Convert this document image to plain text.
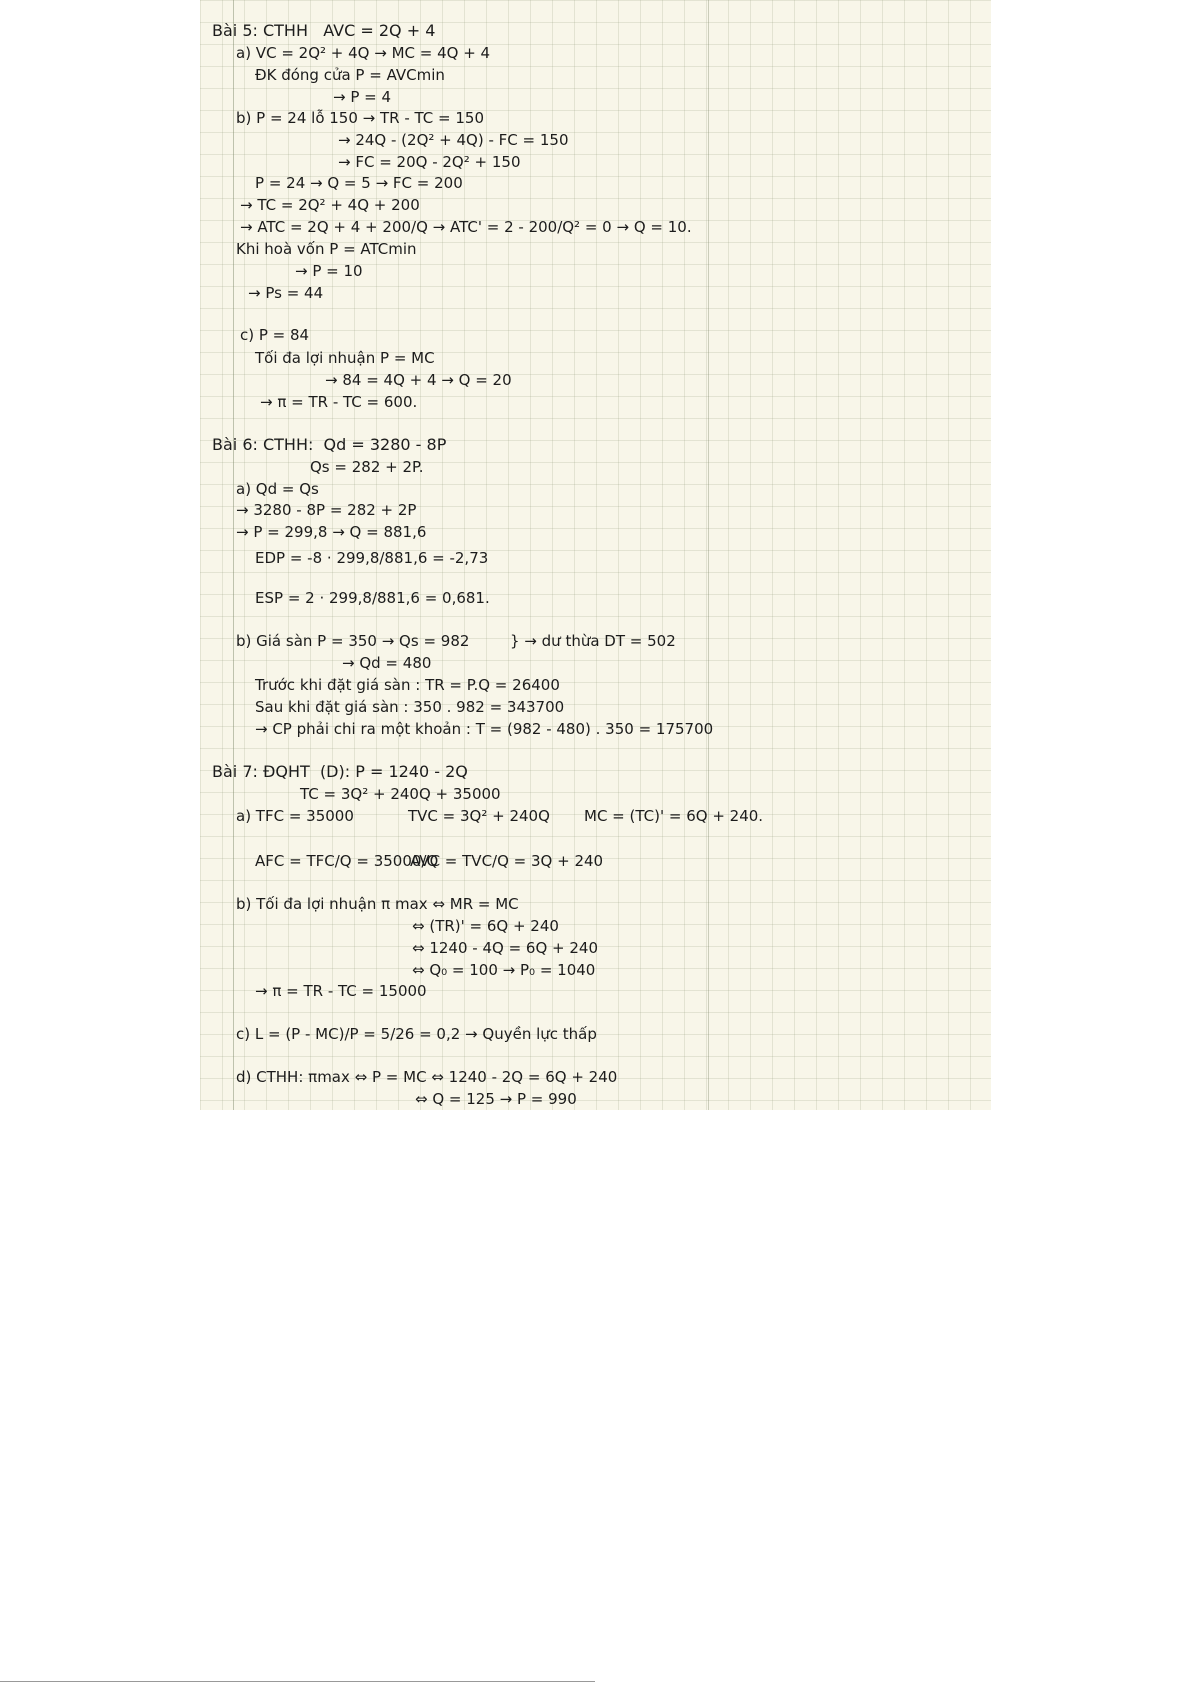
Bài 5: CTHH   AVC = 2Q + 4
a) VC = 2Q² + 4Q → MC = 4Q + 4
ĐK đóng cửa P = AVCmin
→ P = 4
b) P = 24 lỗ 150 → TR - TC = 150
→ 24Q - (2Q² + 4Q) - FC = 150
→ FC = 20Q - 2Q² + 150
P = 24 → Q = 5 → FC = 200
→ TC = 2Q² + 4Q + 200
→ ATC = 2Q + 4 + 200/Q → ATC' = 2 - 200/Q² = 0 → Q = 10.
Khi hoà vốn P = ATCmin
→ P = 10
→ Ps = 44
c) P = 84
Tối đa lợi nhuận P = MC
→ 84 = 4Q + 4 → Q = 20
→ π = TR - TC = 600.
Bài 6: CTHH:  Qd = 3280 - 8P
Qs = 282 + 2P.
a) Qd = Qs
→ 3280 - 8P = 282 + 2P
→ P = 299,8 → Q = 881,6
EDP = -8 · 299,8/881,6 = -2,73
ESP = 2 · 299,8/881,6 = 0,681.
b) Giá sàn P = 350 → Qs = 982
→ Qd = 480
} → dư thừa DT = 502
Trước khi đặt giá sàn : TR = P.Q = 26400
Sau khi đặt giá sàn : 350 . 982 = 343700
→ CP phải chi ra một khoản : T = (982 - 480) . 350 = 175700
Bài 7: ĐQHT  (D): P = 1240 - 2Q
TC = 3Q² + 240Q + 35000
a) TFC = 35000	TVC = 3Q² + 240Q MC = (TC)' = 6Q + 240.
AFC = TFC/Q = 35000/Q
AVC = TVC/Q = 3Q + 240
b) Tối đa lợi nhuận π max ⇔ MR = MC
⇔ (TR)' = 6Q + 240
⇔ 1240 - 4Q = 6Q + 240
⇔ Q₀ = 100 → P₀ = 1040
→ π = TR - TC = 15000
c) L = (P - MC)/P = 5/26 = 0,2 → Quyền lực thấp
d) CTHH: πmax ⇔ P = MC ⇔ 1240 - 2Q = 6Q + 240
⇔ Q = 125 → P = 990
